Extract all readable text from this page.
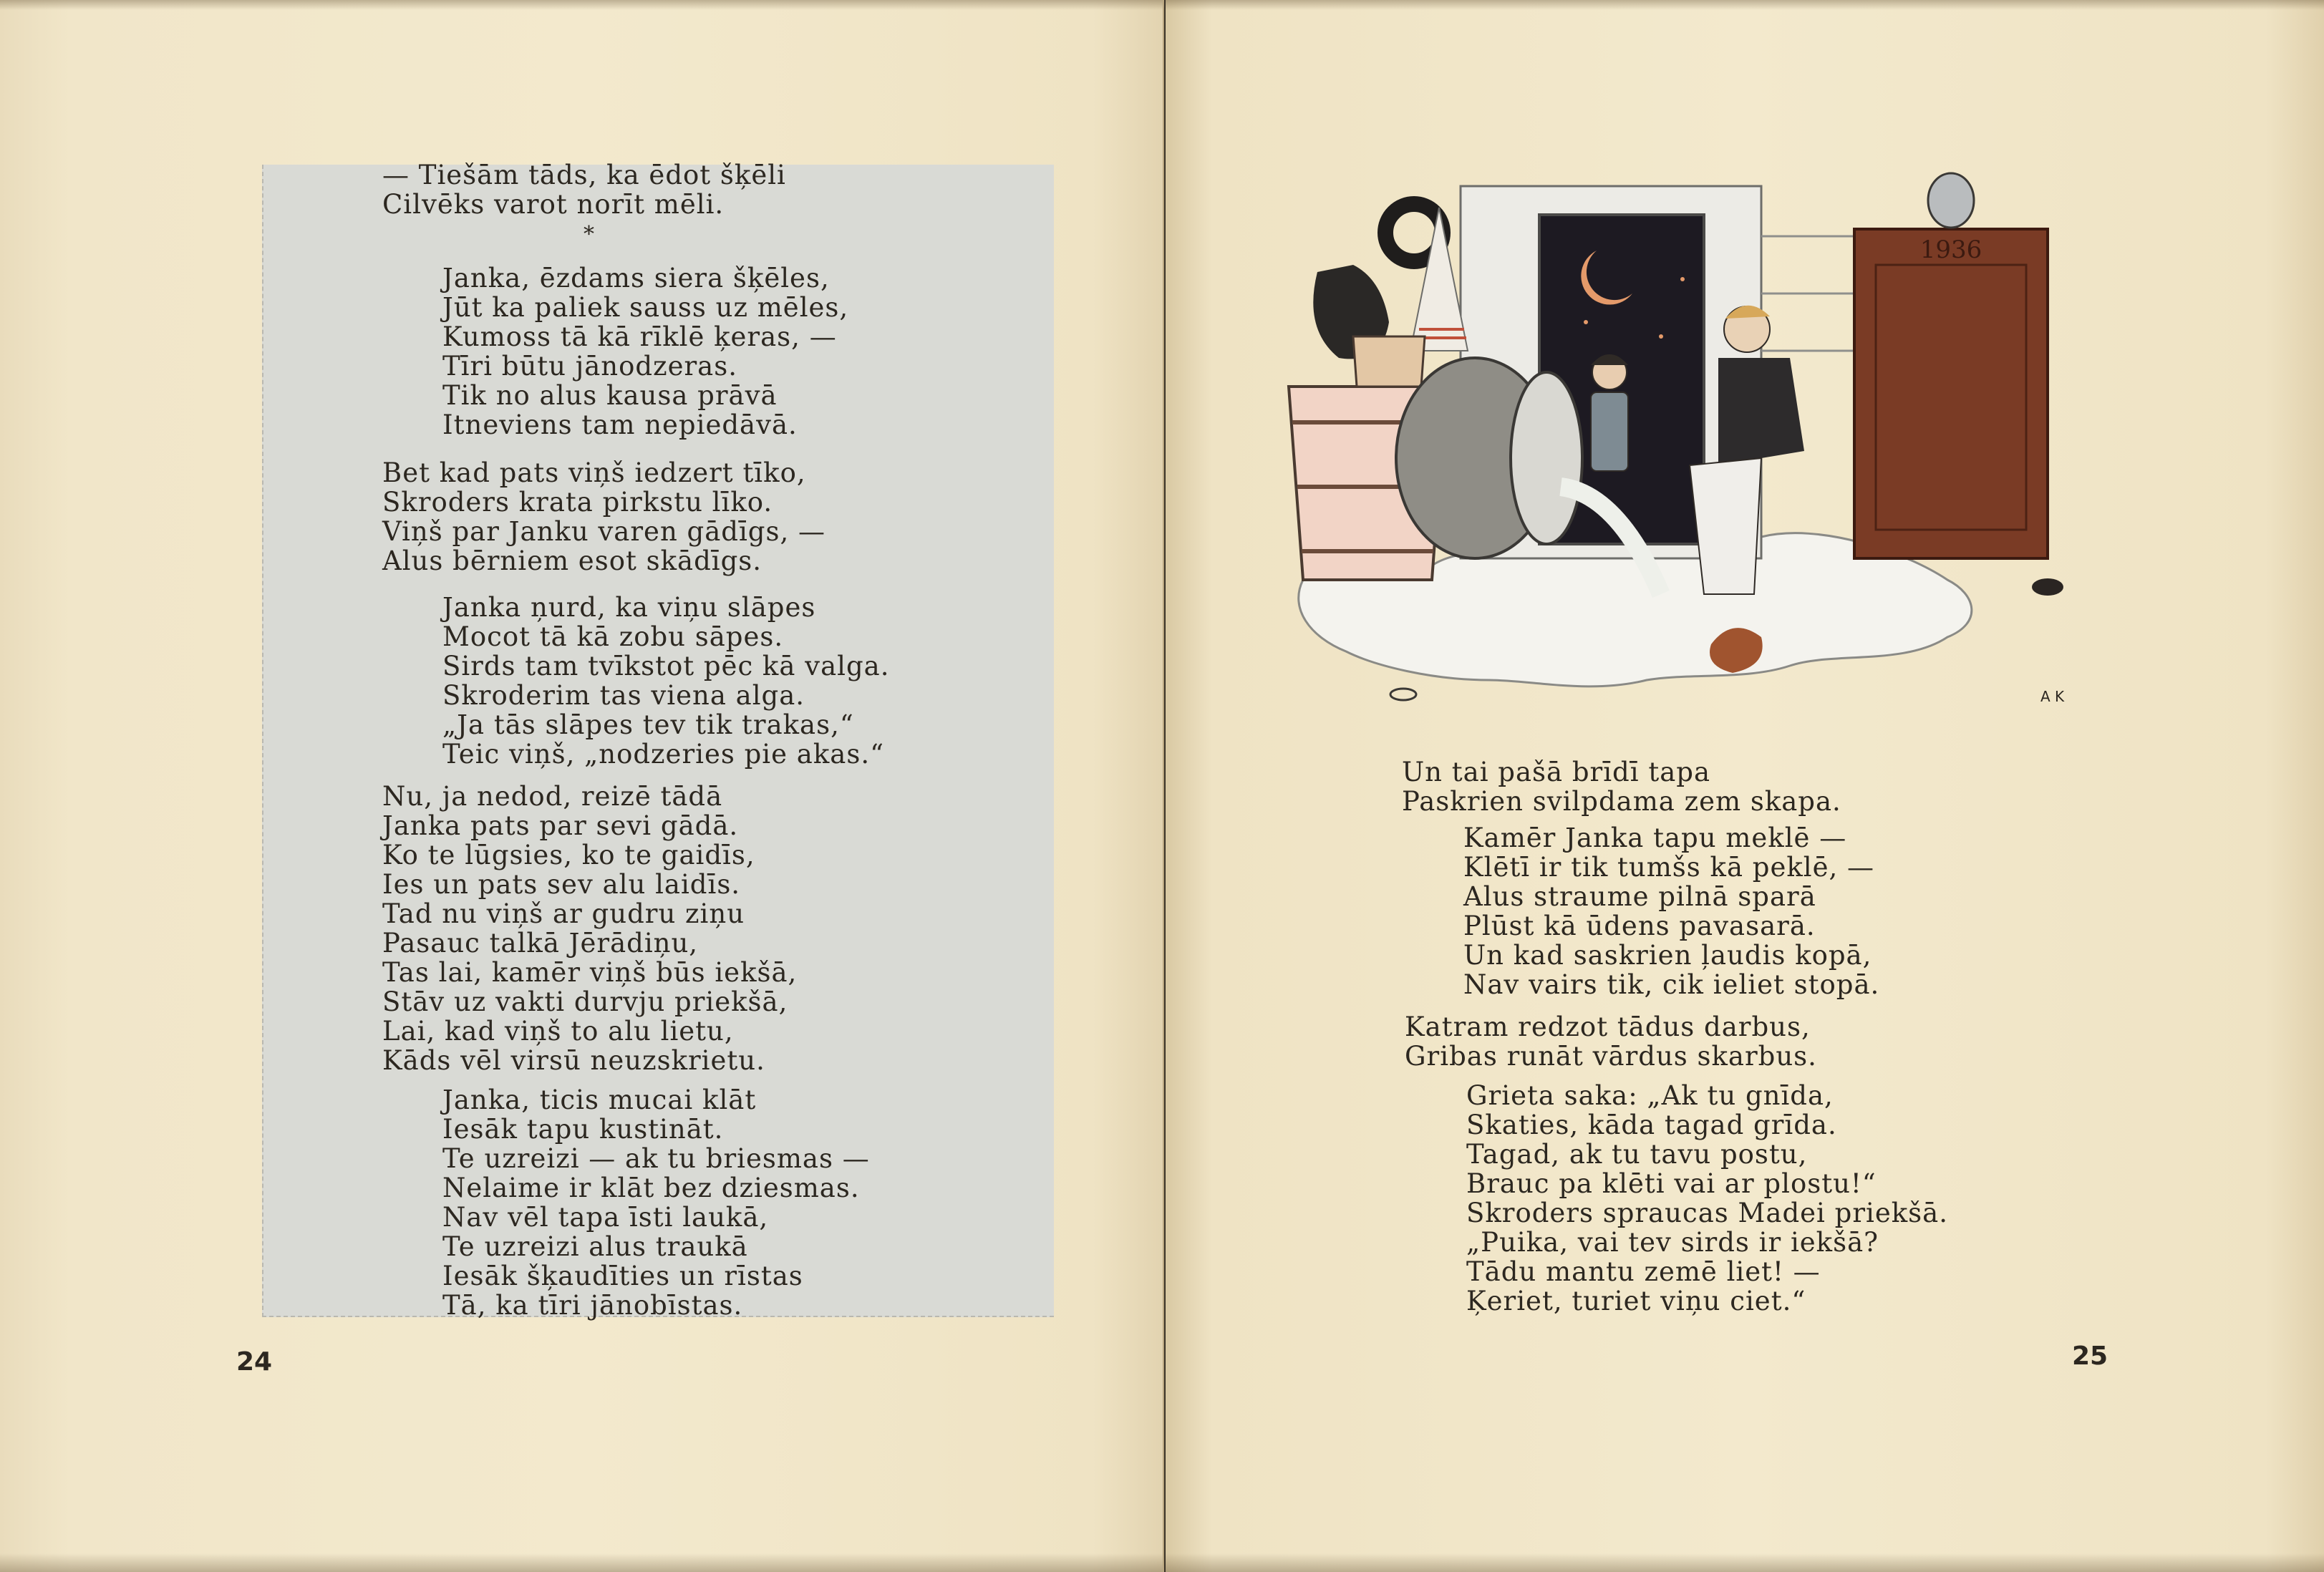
— Tiešām tāds, ka ēdot šķēli
Cilvēks varot norīt mēli.
*
Janka, ēzdams siera šķēles,
Jūt ka paliek sauss uz mēles,
Kumoss tā kā rīklē ķeras, —
Tīri būtu jānodzeras.
Tik no alus kausa prāvā
Itneviens tam nepiedāvā.
Bet kad pats viņš iedzert tīko,
Skroders krata pirkstu līko.
Viņš par Janku varen gādīgs, —
Alus bērniem esot skādīgs.
Janka ņurd, ka viņu slāpes
Mocot tā kā zobu sāpes.
Sirds tam tvīkstot pēc kā valga.
Skroderim tas viena alga.
„Ja tās slāpes tev tik trakas,“
Teic viņš, „nodzeries pie akas.“
Nu, ja nedod, reizē tādā
Janka pats par sevi gādā.
Ko te lūgsies, ko te gaidīs,
Ies un pats sev alu laidīs.
Tad nu viņš ar gudru ziņu
Pasauc talkā Jērādiņu,
Tas lai, kamēr viņš būs iekšā,
Stāv uz vakti durvju priekšā,
Lai, kad viņš to alu lietu,
Kāds vēl virsū neuzskrietu.
Janka, ticis mucai klāt
Iesāk tapu kustināt.
Te uzreizi — ak tu briesmas —
Nelaime ir klāt bez dziesmas.
Nav vēl tapa īsti laukā,
Te uzreizi alus traukā
Iesāk šķaudīties un rīstas
Tā, ka tīri jānobīstas.
24
1936
A K
Un tai pašā brīdī tapa
Paskrien svilpdama zem skapa.
Kamēr Janka tapu meklē —
Klētī ir tik tumšs kā peklē, —
Alus straume pilnā sparā
Plūst kā ūdens pavasarā.
Un kad saskrien ļaudis kopā,
Nav vairs tik, cik ieliet stopā.
Katram redzot tādus darbus,
Gribas runāt vārdus skarbus.
Grieta saka: „Ak tu gnīda,
Skaties, kāda tagad grīda.
Tagad, ak tu tavu postu,
Brauc pa klēti vai ar plostu!“
Skroders spraucas Madei priekšā.
„Puika, vai tev sirds ir iekšā?
Tādu mantu zemē liet! —
Ķeriet, turiet viņu ciet.“
25
